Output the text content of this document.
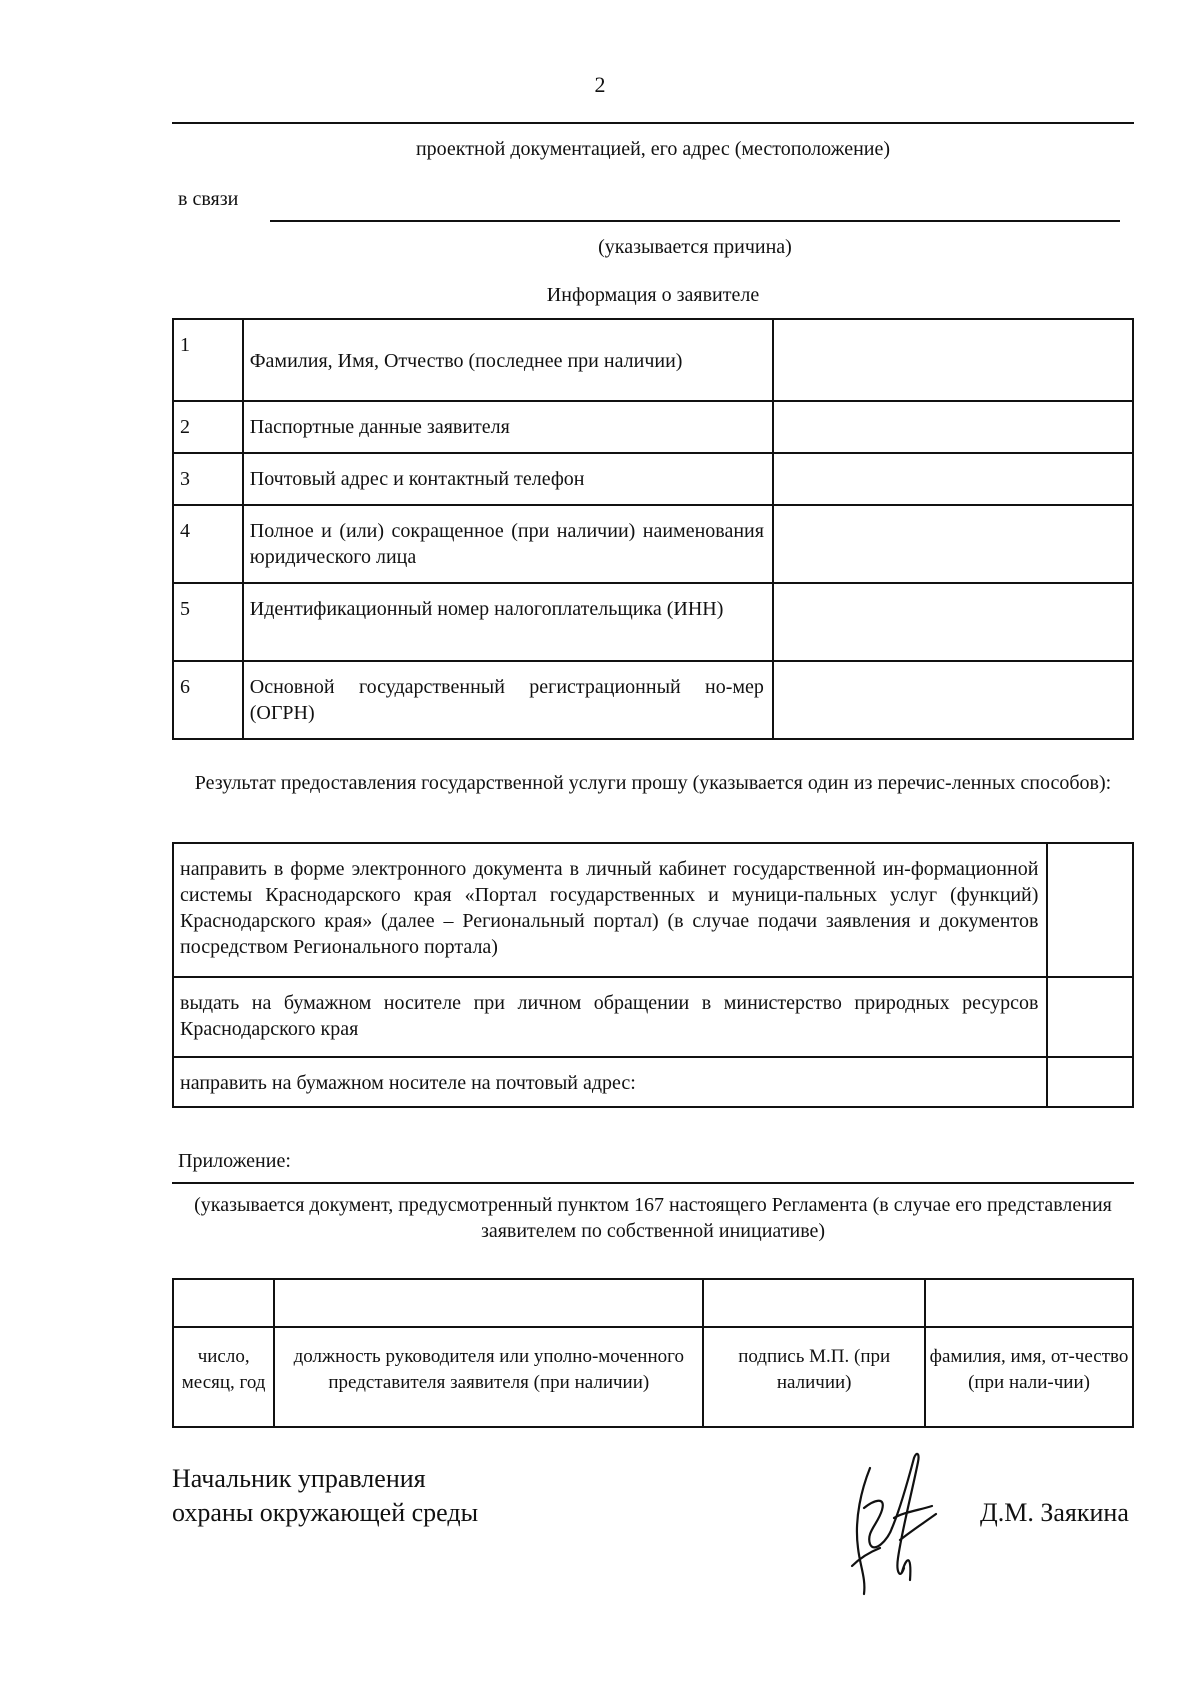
2
проектной документацией, его адрес (местоположение)
в связи
(указывается причина)
Информация о заявителе
1	Фамилия, Имя, Отчество (последнее при наличии)	
2	Паспортные данные заявителя	
3	Почтовый адрес и контактный телефон	
4	Полное и (или) сокращенное (при наличии) наименования юридического лица	
5	Идентификационный номер налогоплательщика (ИНН)	
6	Основной государственный регистрационный но-мер (ОГРН)	
Результат предоставления государственной услуги прошу (указывается один из перечис-ленных способов):
направить в форме электронного документа в личный кабинет государственной ин-формационной системы Краснодарского края «Портал государственных и муници-пальных услуг (функций) Краснодарского края» (далее – Региональный портал) (в случае подачи заявления и документов посредством Регионального портала)	
выдать на бумажном носителе при личном обращении в министерство природных ресурсов Краснодарского края	
направить на бумажном носителе на почтовый адрес:	
Приложение:
(указывается документ, предусмотренный пунктом 167 настоящего Регламента (в случае его представления заявителем по собственной инициативе)

число, месяц, год	должность руководителя или уполно-моченного представителя заявителя (при наличии)	подпись М.П. (при наличии)	фамилия, имя, от-чество (при нали-чии)
Начальник управления
охраны окружающей среды	Д.М. Заякина
